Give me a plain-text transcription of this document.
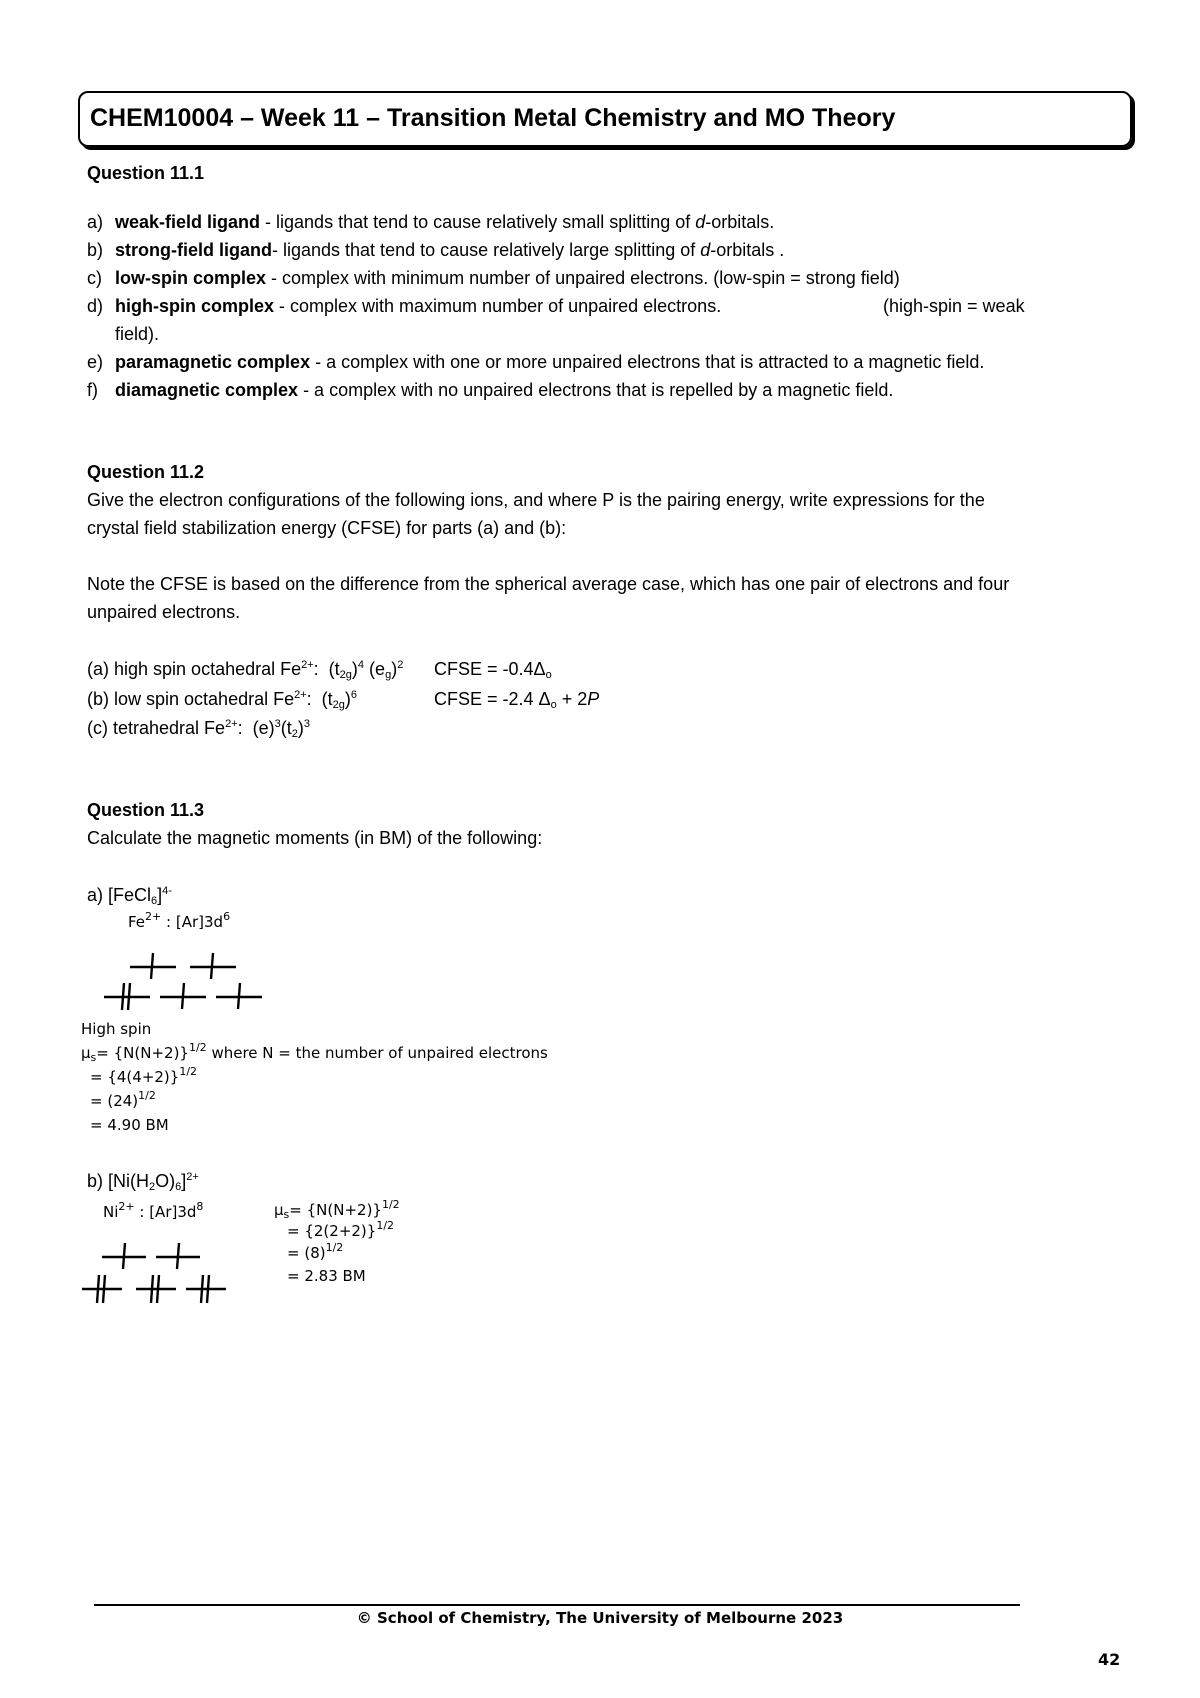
CHEM10004 – Week 11 – Transition Metal Chemistry and MO Theory
Question 11.1
a) weak-field ligand - ligands that tend to cause relatively small splitting of d-orbitals.
b) strong-field ligand- ligands that tend to cause relatively large splitting of d-orbitals .
c) low-spin complex - complex with minimum number of unpaired electrons. (low-spin = strong field)
d) high-spin complex - complex with maximum number of unpaired electrons.	(high-spin = weak
field).
e) paramagnetic complex - a complex with one or more unpaired electrons that is attracted to a magnetic field.
f) diamagnetic complex - a complex with no unpaired electrons that is repelled by a magnetic field.
Question 11.2
Give the electron configurations of the following ions, and where P is the pairing energy, write expressions for the
crystal field stabilization energy (CFSE) for parts (a) and (b):
Note the CFSE is based on the difference from the spherical average case, which has one pair of electrons and four
unpaired electrons.
(a) high spin octahedral $Fe^{2+}$:  $(t_{2g})^4$ $(e_g)^2$ CFSE = $-0.4\Delta_o$
(b) low spin octahedral $Fe^{2+}$:  $(t_{2g})^6$	CFSE = -2.4 $\Delta_o + 2P$
(c) tetrahedral $Fe^{2+}$:  $(e)^3(t_2)^3$
Question 11.3
Calculate the magnetic moments (in BM) of the following:
a) [FeCl$_6$]$^{4-}$
$Fe^{2+}$ : $[Ar]3d^6$
High spin
$\mu_s= \{N(N+2)\}^{1/2}$ where N = the number of unpaired electrons
= $\{4(4+2)\}^{1/2}$
= $(24)^{1/2}$
= 4.90 BM
b) $[Ni(H_2O)_6]^{2+}$
$Ni^{2+}$ : $[Ar]3d^8$	$\mu_s= \{N(N+2)\}^{1/2}$
= $\{2(2+2)\}^{1/2}$
= $(8)^{1/2}$
= 2.83 BM
© School of Chemistry, The University of Melbourne 2023
42
